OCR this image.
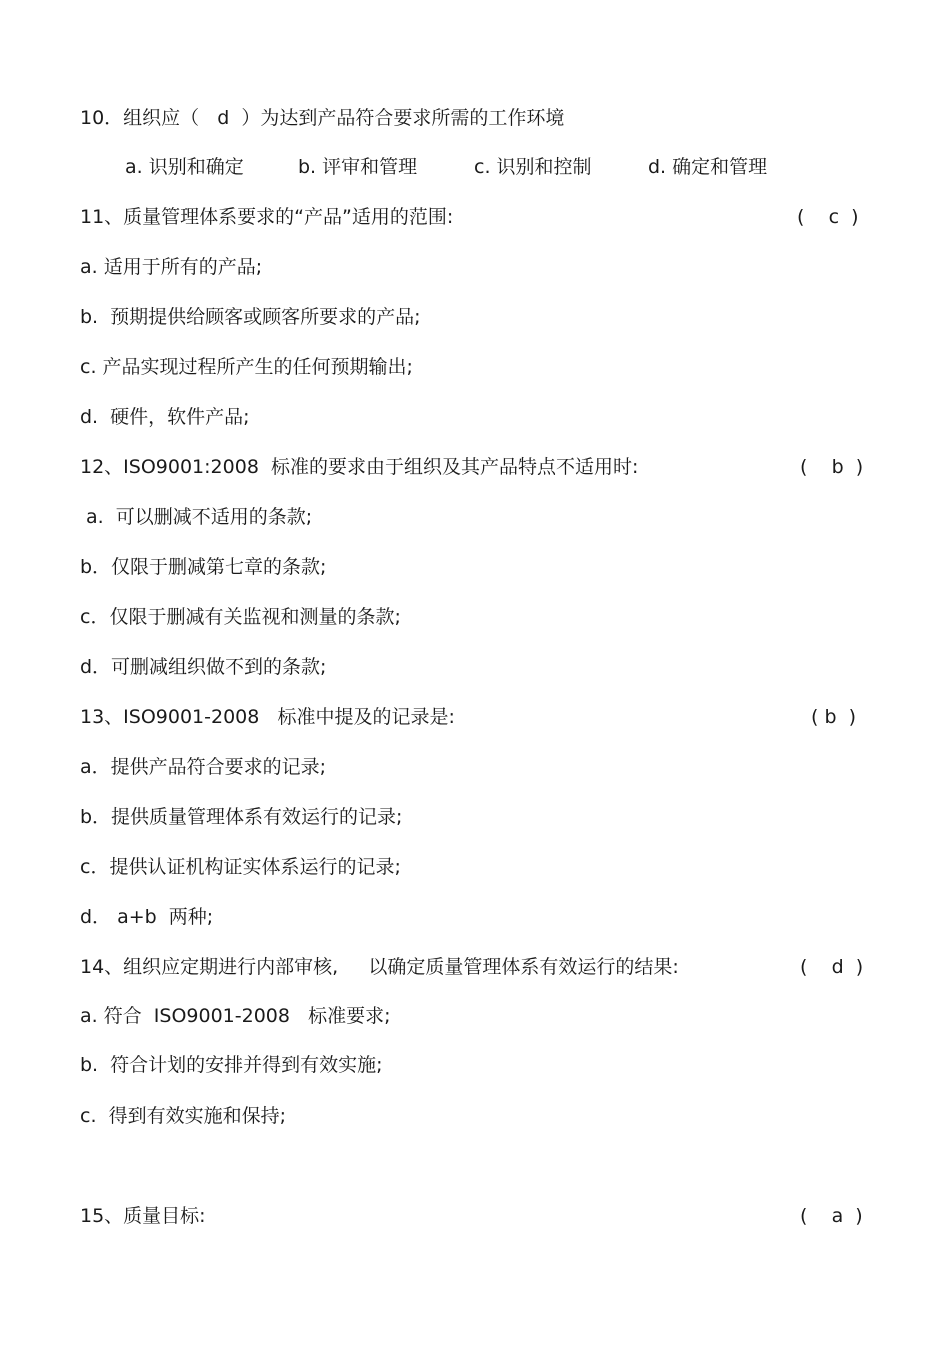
10．组织应（   d  ）为达到产品符合要求所需的工作环境
a. 识别和确定	b. 评审和管理	c. 识别和控制	d. 确定和管理
11、质量管理体系要求的“产品”适用的范围:	(    c  )
a. 适用于所有的产品;
b.  预期提供给顾客或顾客所要求的产品;
c. 产品实现过程所产生的任何预期输出;
d.  硬件，软件产品;
12、ISO9001:2008  标准的要求由于组织及其产品特点不适用时:	(    b  )
a.  可以删减不适用的条款;
b．仅限于删减第七章的条款;
c．仅限于删减有关监视和测量的条款;
d．可删减组织做不到的条款;
13、ISO9001-2008   标准中提及的记录是:	( b  )
a．提供产品符合要求的记录;
b．提供质量管理体系有效运行的记录;
c．提供认证机构证实体系运行的记录;
d． a+b  两种;
14、组织应定期进行内部审核,     以确定质量管理体系有效运行的结果:	(    d  )
a. 符合  ISO9001-2008   标准要求;
b.  符合计划的安排并得到有效实施;
c.  得到有效实施和保持;
15、质量目标:	(    a  )
